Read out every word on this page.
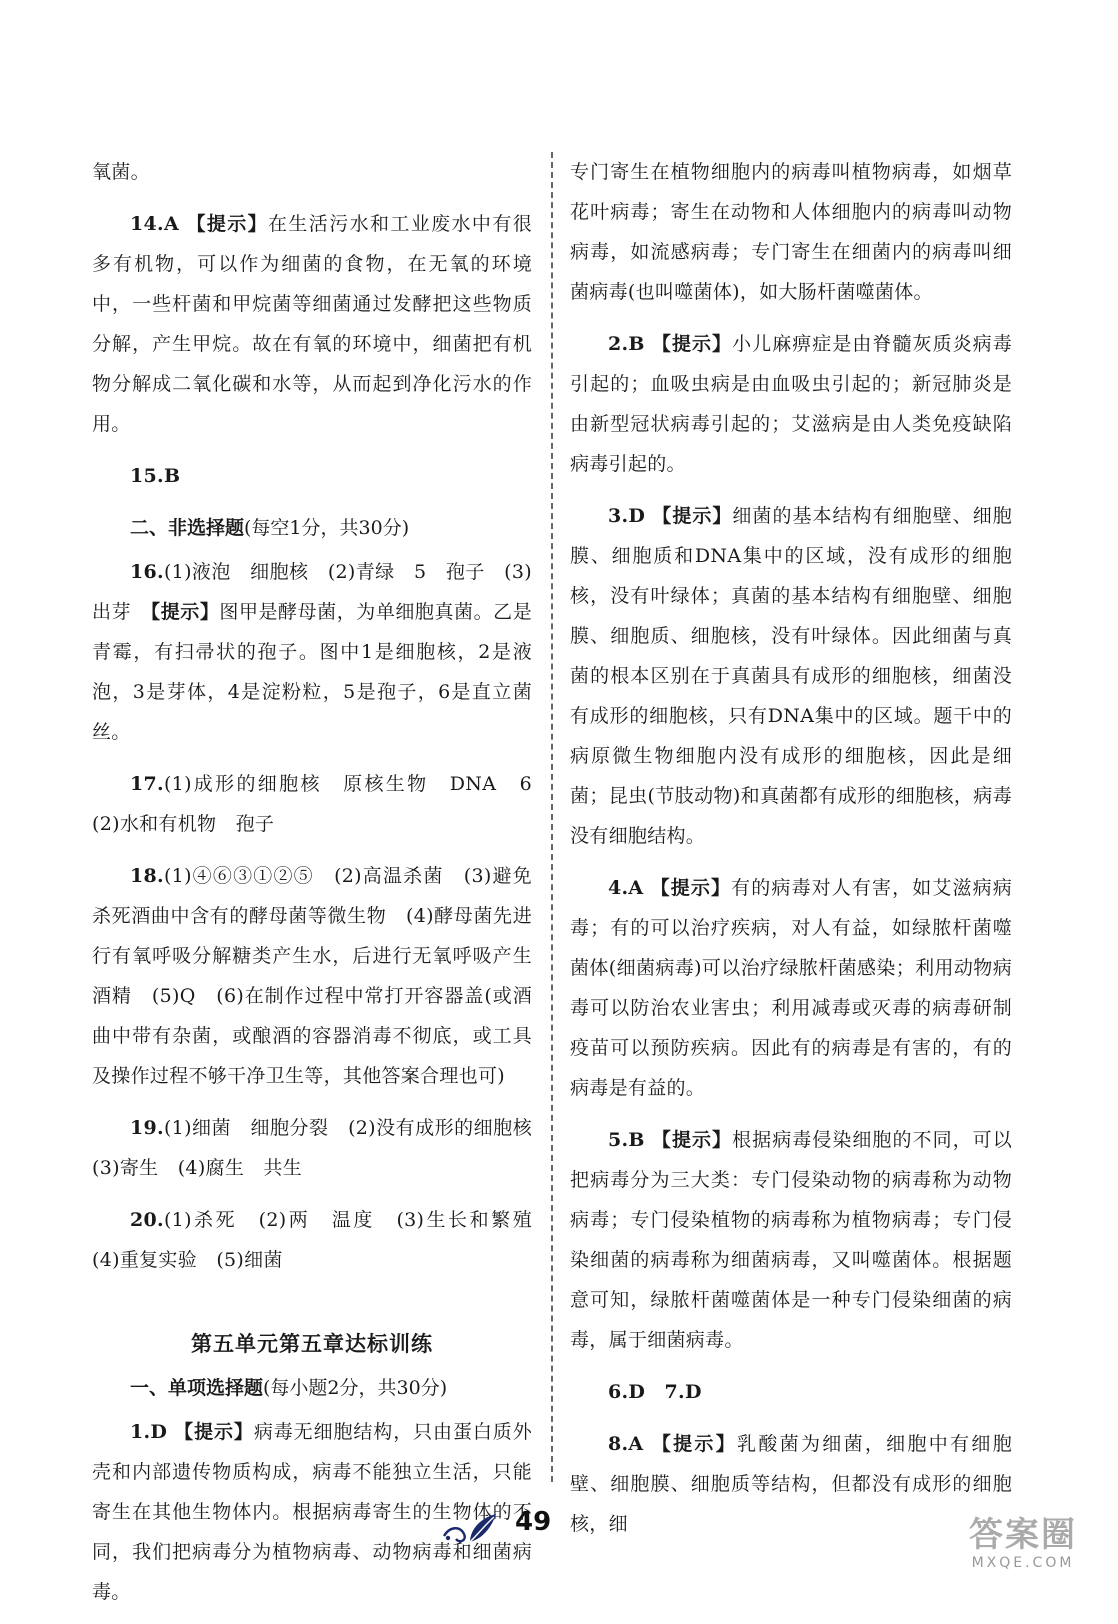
氧菌。

14.A 【提示】在生活污水和工业废水中有很多有机物，可以作为细菌的食物，在无氧的环境中，一些杆菌和甲烷菌等细菌通过发酵把这些物质分解，产生甲烷。故在有氧的环境中，细菌把有机物分解成二氧化碳和水等，从而起到净化污水的作用。

15.B

二、非选择题(每空1分，共30分)

16.(1)液泡　细胞核　(2)青绿　5　孢子　(3)出芽　【提示】图甲是酵母菌，为单细胞真菌。乙是青霉，有扫帚状的孢子。图中1是细胞核，2是液泡，3是芽体，4是淀粉粒，5是孢子，6是直立菌丝。

17.(1)成形的细胞核　原核生物　DNA　6　(2)水和有机物　孢子

18.(1)④⑥③①②⑤　(2)高温杀菌　(3)避免杀死酒曲中含有的酵母菌等微生物　(4)酵母菌先进行有氧呼吸分解糖类产生水，后进行无氧呼吸产生酒精　(5)Q　(6)在制作过程中常打开容器盖(或酒曲中带有杂菌，或酿酒的容器消毒不彻底，或工具及操作过程不够干净卫生等，其他答案合理也可)

19.(1)细菌　细胞分裂　(2)没有成形的细胞核　(3)寄生　(4)腐生　共生

20.(1)杀死　(2)两　温度　(3)生长和繁殖　(4)重复实验　(5)细菌

第五单元第五章达标训练

一、单项选择题(每小题2分，共30分)

1.D 【提示】病毒无细胞结构，只由蛋白质外壳和内部遗传物质构成，病毒不能独立生活，只能寄生在其他生物体内。根据病毒寄生的生物体的不同，我们把病毒分为植物病毒、动物病毒和细菌病毒。

专门寄生在植物细胞内的病毒叫植物病毒，如烟草花叶病毒；寄生在动物和人体细胞内的病毒叫动物病毒，如流感病毒；专门寄生在细菌内的病毒叫细菌病毒(也叫噬菌体)，如大肠杆菌噬菌体。

2.B 【提示】小儿麻痹症是由脊髓灰质炎病毒引起的；血吸虫病是由血吸虫引起的；新冠肺炎是由新型冠状病毒引起的；艾滋病是由人类免疫缺陷病毒引起的。

3.D 【提示】细菌的基本结构有细胞壁、细胞膜、细胞质和DNA集中的区域，没有成形的细胞核，没有叶绿体；真菌的基本结构有细胞壁、细胞膜、细胞质、细胞核，没有叶绿体。因此细菌与真菌的根本区别在于真菌具有成形的细胞核，细菌没有成形的细胞核，只有DNA集中的区域。题干中的病原微生物细胞内没有成形的细胞核，因此是细菌；昆虫(节肢动物)和真菌都有成形的细胞核，病毒没有细胞结构。

4.A 【提示】有的病毒对人有害，如艾滋病病毒；有的可以治疗疾病，对人有益，如绿脓杆菌噬菌体(细菌病毒)可以治疗绿脓杆菌感染；利用动物病毒可以防治农业害虫；利用减毒或灭毒的病毒研制疫苗可以预防疾病。因此有的病毒是有害的，有的病毒是有益的。

5.B 【提示】根据病毒侵染细胞的不同，可以把病毒分为三大类：专门侵染动物的病毒称为动物病毒；专门侵染植物的病毒称为植物病毒；专门侵染细菌的病毒称为细菌病毒，又叫噬菌体。根据题意可知，绿脓杆菌噬菌体是一种专门侵染细菌的病毒，属于细菌病毒。

6.D　7.D

8.A 【提示】乳酸菌为细菌，细胞中有细胞壁、细胞膜、细胞质等结构，但都没有成形的细胞核，细

49	答案圈
MXQE.COM
